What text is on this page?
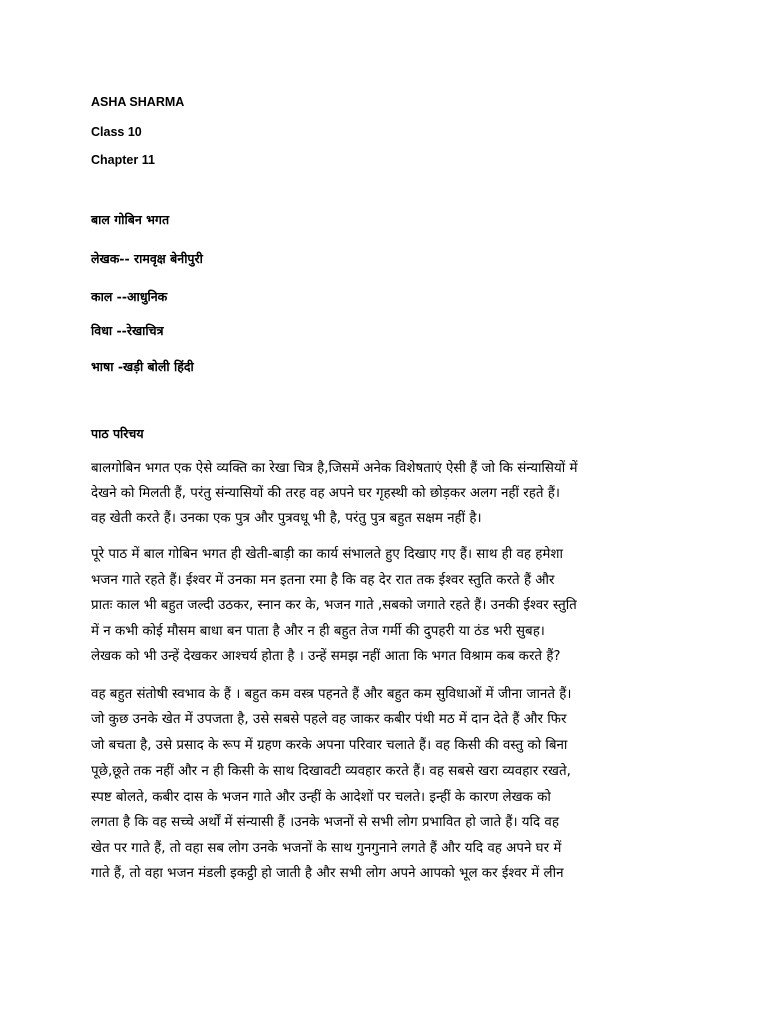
ASHA SHARMA
Class 10
Chapter 11
बाल गोबिन भगत
लेखक-- रामवृक्ष बेनीपुरी
काल --आधुनिक
विधा --रेखाचित्र
भाषा -खड़ी बोली हिंदी
पाठ परिचय
बालगोबिन भगत एक ऐसे व्यक्ति का रेखा चित्र है,जिसमें अनेक विशेषताएं ऐसी हैं जो कि संन्यासियों में
देखने को मिलती हैं, परंतु संन्यासियों की तरह वह अपने घर गृहस्थी को छोड़कर अलग नहीं रहते हैं।
वह खेती करते हैं। उनका एक पुत्र और पुत्रवधू भी है, परंतु पुत्र बहुत सक्षम नहीं है।
पूरे पाठ में बाल गोबिन भगत ही खेती-बाड़ी का कार्य संभालते हुए दिखाए गए हैं। साथ ही वह हमेशा
भजन गाते रहते हैं। ईश्वर में उनका मन इतना रमा है कि वह देर रात तक ईश्वर स्तुति करते हैं और
प्रातः काल भी बहुत जल्दी उठकर, स्नान कर के, भजन गाते ,सबको जगाते रहते हैं। उनकी ईश्वर स्तुति
में न कभी कोई मौसम बाधा बन पाता है और न ही बहुत तेज गर्मी की दुपहरी या ठंड भरी सुबह।
लेखक को भी उन्हें देखकर आश्चर्य होता है । उन्हें समझ नहीं आता कि भगत विश्राम कब करते हैं?
वह बहुत संतोषी स्वभाव के हैं । बहुत कम वस्त्र पहनते हैं और बहुत कम सुविधाओं में जीना जानते हैं।
जो कुछ उनके खेत में उपजता है, उसे सबसे पहले वह जाकर कबीर पंथी मठ में दान देते हैं और फिर
जो बचता है, उसे प्रसाद के रूप में ग्रहण करके अपना परिवार चलाते हैं। वह किसी की वस्तु को बिना
पूछे,छूते तक नहीं और न ही किसी के साथ दिखावटी व्यवहार करते हैं। वह सबसे खरा व्यवहार रखते,
स्पष्ट बोलते, कबीर दास के भजन गाते और उन्हीं के आदेशों पर चलते। इन्हीं के कारण लेखक को
लगता है कि वह सच्चे अर्थों में संन्यासी हैं ।उनके भजनों से सभी लोग प्रभावित हो जाते हैं। यदि वह
खेत पर गाते हैं, तो वहा सब लोग उनके भजनों के साथ गुनगुनाने लगते हैं और यदि वह अपने घर में
गाते हैं, तो वहा भजन मंडली इकट्ठी हो जाती है और सभी लोग अपने आपको भूल कर ईश्वर में लीन
